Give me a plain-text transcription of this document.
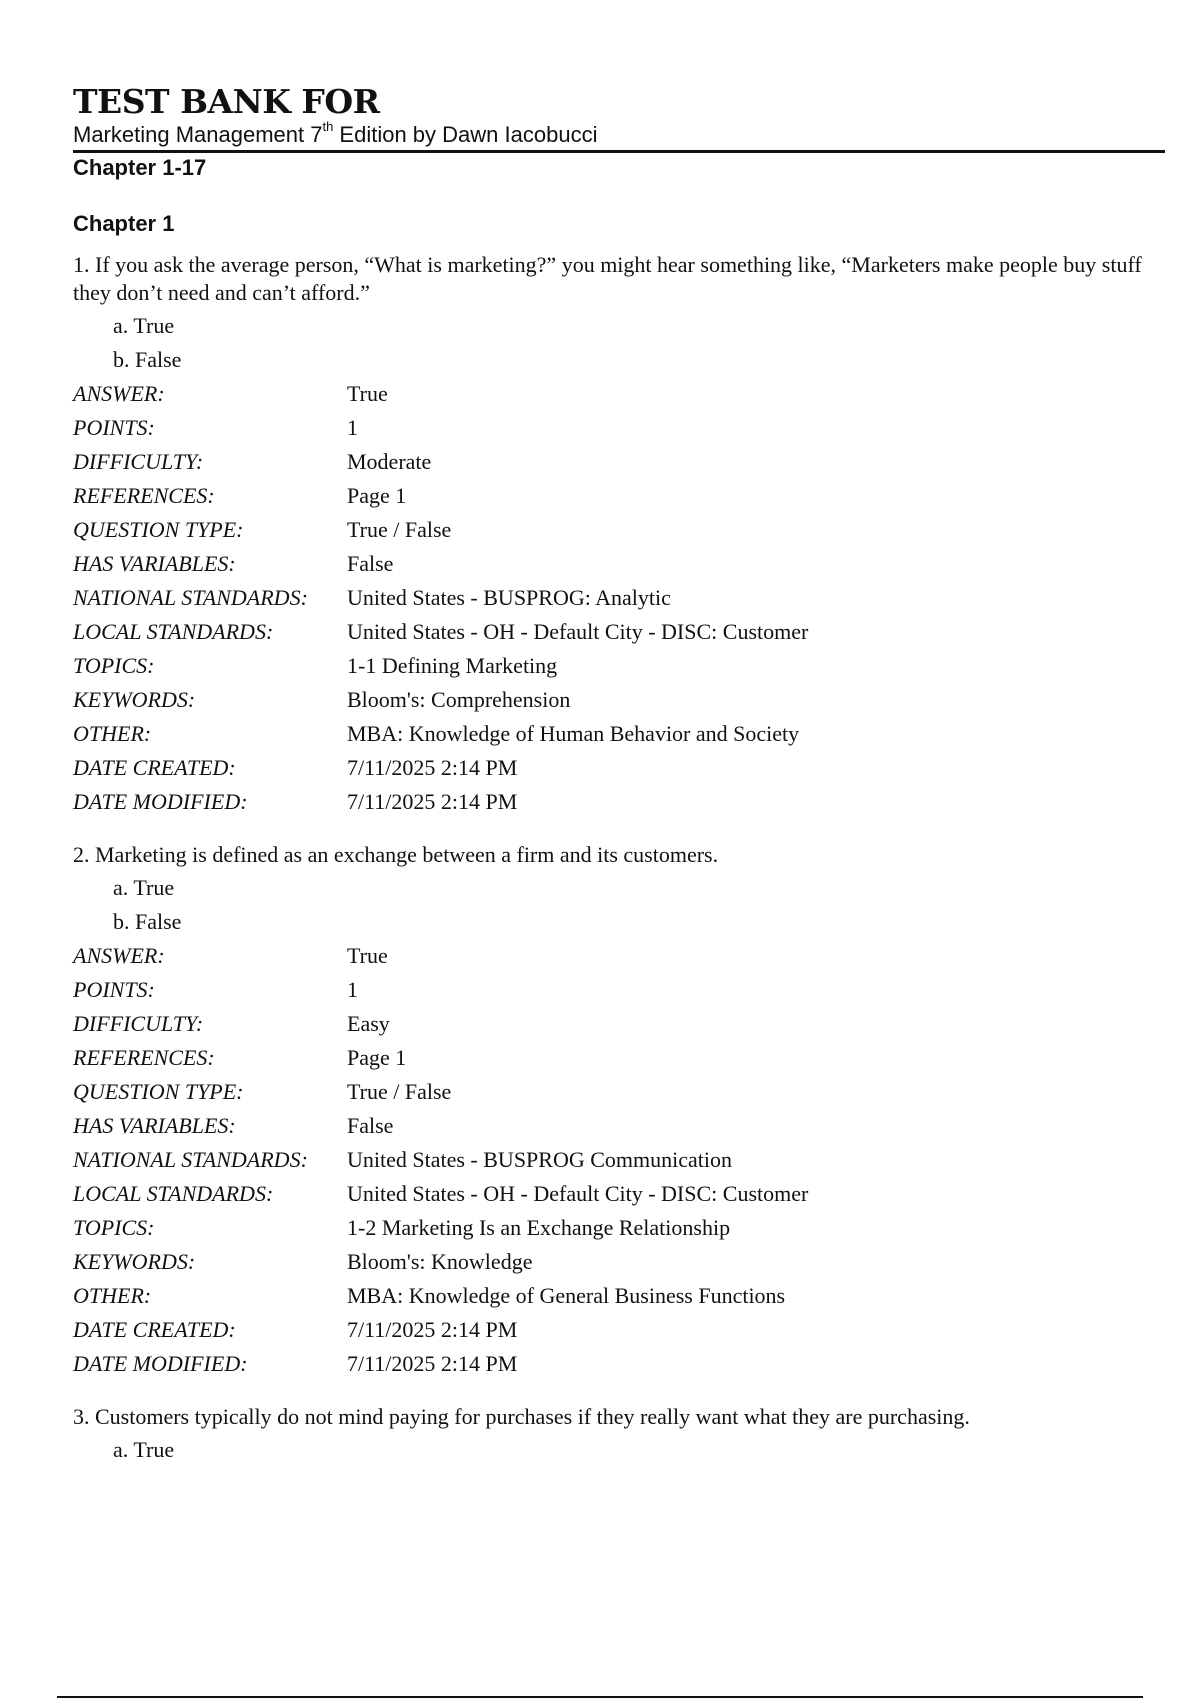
TEST BANK FOR
Marketing Management 7th Edition by Dawn Iacobucci
Chapter 1-17
Chapter 1
1. If you ask the average person, “What is marketing?” you might hear something like, “Marketers make people buy stuff they don’t need and can’t afford.”
a. True
b. False
ANSWER:	True
POINTS:	1
DIFFICULTY:	Moderate
REFERENCES:	Page 1
QUESTION TYPE:	True / False
HAS VARIABLES:	False
NATIONAL STANDARDS:	United States - BUSPROG: Analytic
LOCAL STANDARDS:	United States - OH - Default City - DISC: Customer
TOPICS:	1-1 Defining Marketing
KEYWORDS:	Bloom's: Comprehension
OTHER:	MBA: Knowledge of Human Behavior and Society
DATE CREATED:	7/11/2025 2:14 PM
DATE MODIFIED:	7/11/2025 2:14 PM
2. Marketing is defined as an exchange between a firm and its customers.
a. True
b. False
ANSWER:	True
POINTS:	1
DIFFICULTY:	Easy
REFERENCES:	Page 1
QUESTION TYPE:	True / False
HAS VARIABLES:	False
NATIONAL STANDARDS:	United States - BUSPROG Communication
LOCAL STANDARDS:	United States - OH - Default City - DISC: Customer
TOPICS:	1-2 Marketing Is an Exchange Relationship
KEYWORDS:	Bloom's: Knowledge
OTHER:	MBA: Knowledge of General Business Functions
DATE CREATED:	7/11/2025 2:14 PM
DATE MODIFIED:	7/11/2025 2:14 PM
3. Customers typically do not mind paying for purchases if they really want what they are purchasing.
a. True
